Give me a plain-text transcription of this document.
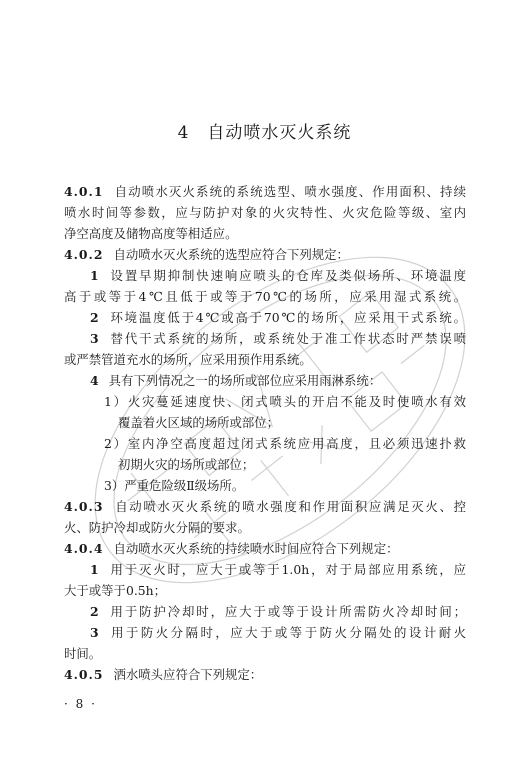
4 自动喷水灭火系统
4.0.1 自动喷水灭火系统的系统选型、喷水强度、作用面积、持续
喷水时间等参数，应与防护对象的火灾特性、火灾危险等级、室内
净空高度及储物高度等相适应。
4.0.2 自动喷水灭火系统的选型应符合下列规定：
1 设置早期抑制快速响应喷头的仓库及类似场所、环境温度
高于或等于4℃且低于或等于70℃的场所，应采用湿式系统。
2 环境温度低于4℃或高于70℃的场所，应采用干式系统。
3 替代干式系统的场所，或系统处于准工作状态时严禁误喷
或严禁管道充水的场所，应采用预作用系统。
4 具有下列情况之一的场所或部位应采用雨淋系统：
1）火灾蔓延速度快、闭式喷头的开启不能及时使喷水有效
覆盖着火区域的场所或部位；
2）室内净空高度超过闭式系统应用高度，且必须迅速扑救
初期火灾的场所或部位；
3）严重危险级Ⅱ级场所。
4.0.3 自动喷水灭火系统的喷水强度和作用面积应满足灭火、控
火、防护冷却或防火分隔的要求。
4.0.4 自动喷水灭火系统的持续喷水时间应符合下列规定：
1 用于灭火时，应大于或等于1.0h，对于局部应用系统，应
大于或等于0.5h；
2 用于防护冷却时，应大于或等于设计所需防火冷却时间；
3 用于防火分隔时，应大于或等于防火分隔处的设计耐火
时间。
4.0.5 洒水喷头应符合下列规定：
· 8 ·
